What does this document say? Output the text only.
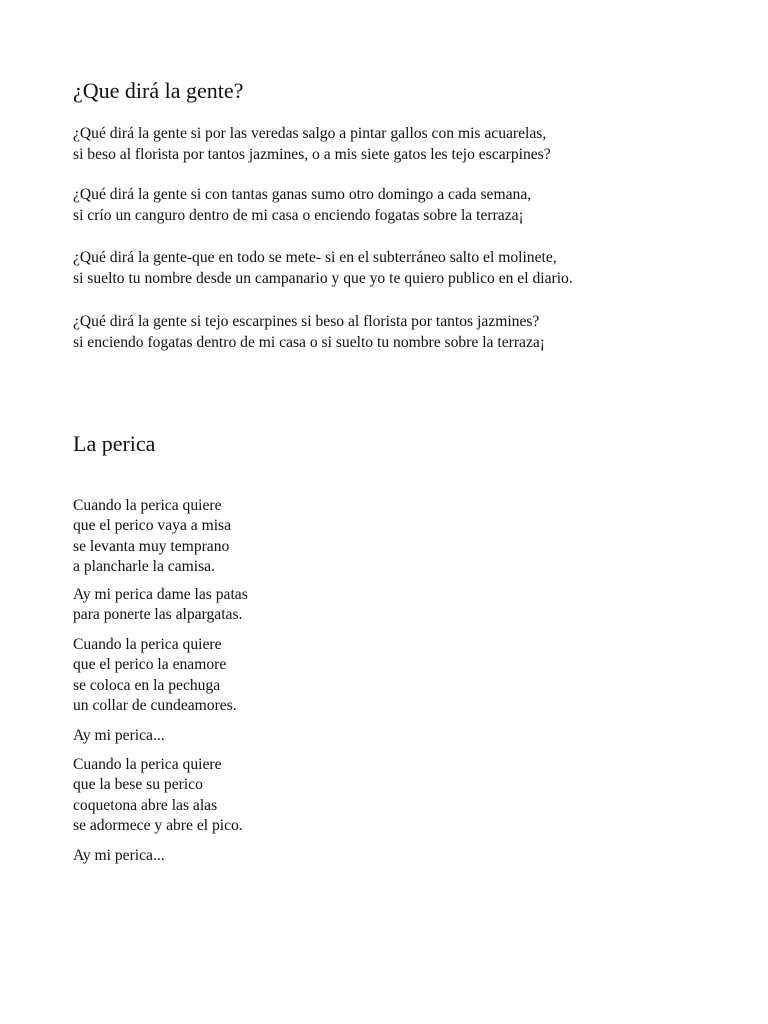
¿Que dirá la gente?

¿Qué dirá la gente si por las veredas salgo a pintar gallos con mis acuarelas,
si beso al florista por tantos jazmines, o a mis siete gatos les tejo escarpines?

¿Qué dirá la gente si con tantas ganas sumo otro domingo a cada semana,
si crío un canguro dentro de mi casa o enciendo fogatas sobre la terraza¡

¿Qué dirá la gente-que en todo se mete- si en el subterráneo salto el molinete,
si suelto tu nombre desde un campanario y que yo te quiero publico en el diario.

¿Qué dirá la gente si tejo escarpines si beso al florista por tantos jazmines?
si enciendo fogatas dentro de mi casa o si suelto tu nombre sobre la terraza¡

La perica

Cuando la perica quiere
que el perico vaya a misa
se levanta muy temprano
a plancharle la camisa.

Ay mi perica dame las patas
para ponerte las alpargatas.

Cuando la perica quiere
que el perico la enamore
se coloca en la pechuga
un collar de cundeamores.

Ay mi perica...

Cuando la perica quiere
que la bese su perico
coquetona abre las alas
se adormece y abre el pico.

Ay mi perica...
